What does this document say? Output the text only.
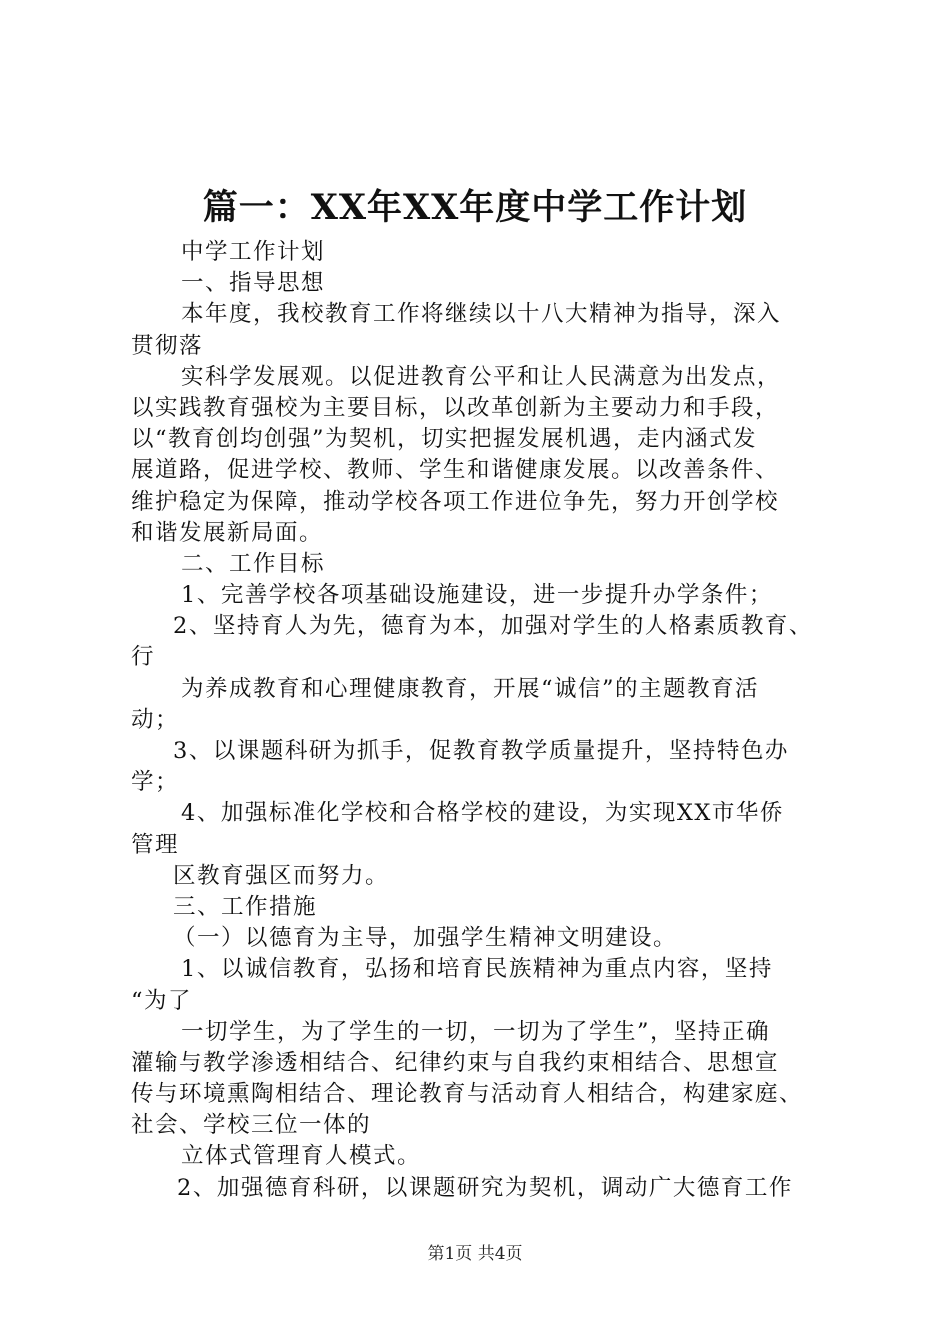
篇一：XX年XX年度中学工作计划
中学工作计划
一、指导思想
本年度，我校教育工作将继续以十八大精神为指导，深入
贯彻落
实科学发展观。以促进教育公平和让人民满意为出发点，
以实践教育强校为主要目标，以改革创新为主要动力和手段，
以“教育创均创强”为契机，切实把握发展机遇，走内涵式发
展道路，促进学校、教师、学生和谐健康发展。以改善条件、
维护稳定为保障，推动学校各项工作进位争先，努力开创学校
和谐发展新局面。
二、工作目标
1、完善学校各项基础设施建设，进一步提升办学条件；
2、坚持育人为先，德育为本，加强对学生的人格素质教育、
行
为养成教育和心理健康教育，开展“诚信”的主题教育活
动；
3、以课题科研为抓手，促教育教学质量提升，坚持特色办
学；
4、加强标准化学校和合格学校的建设，为实现XX市华侨
管理
区教育强区而努力。
三、工作措施
（一）以德育为主导，加强学生精神文明建设。
1、以诚信教育，弘扬和培育民族精神为重点内容，坚持
“为了
一切学生，为了学生的一切，一切为了学生”，坚持正确
灌输与教学渗透相结合、纪律约束与自我约束相结合、思想宣
传与环境熏陶相结合、理论教育与活动育人相结合，构建家庭、
社会、学校三位一体的
立体式管理育人模式。
2、加强德育科研，以课题研究为契机，调动广大德育工作
第1页 共4页
